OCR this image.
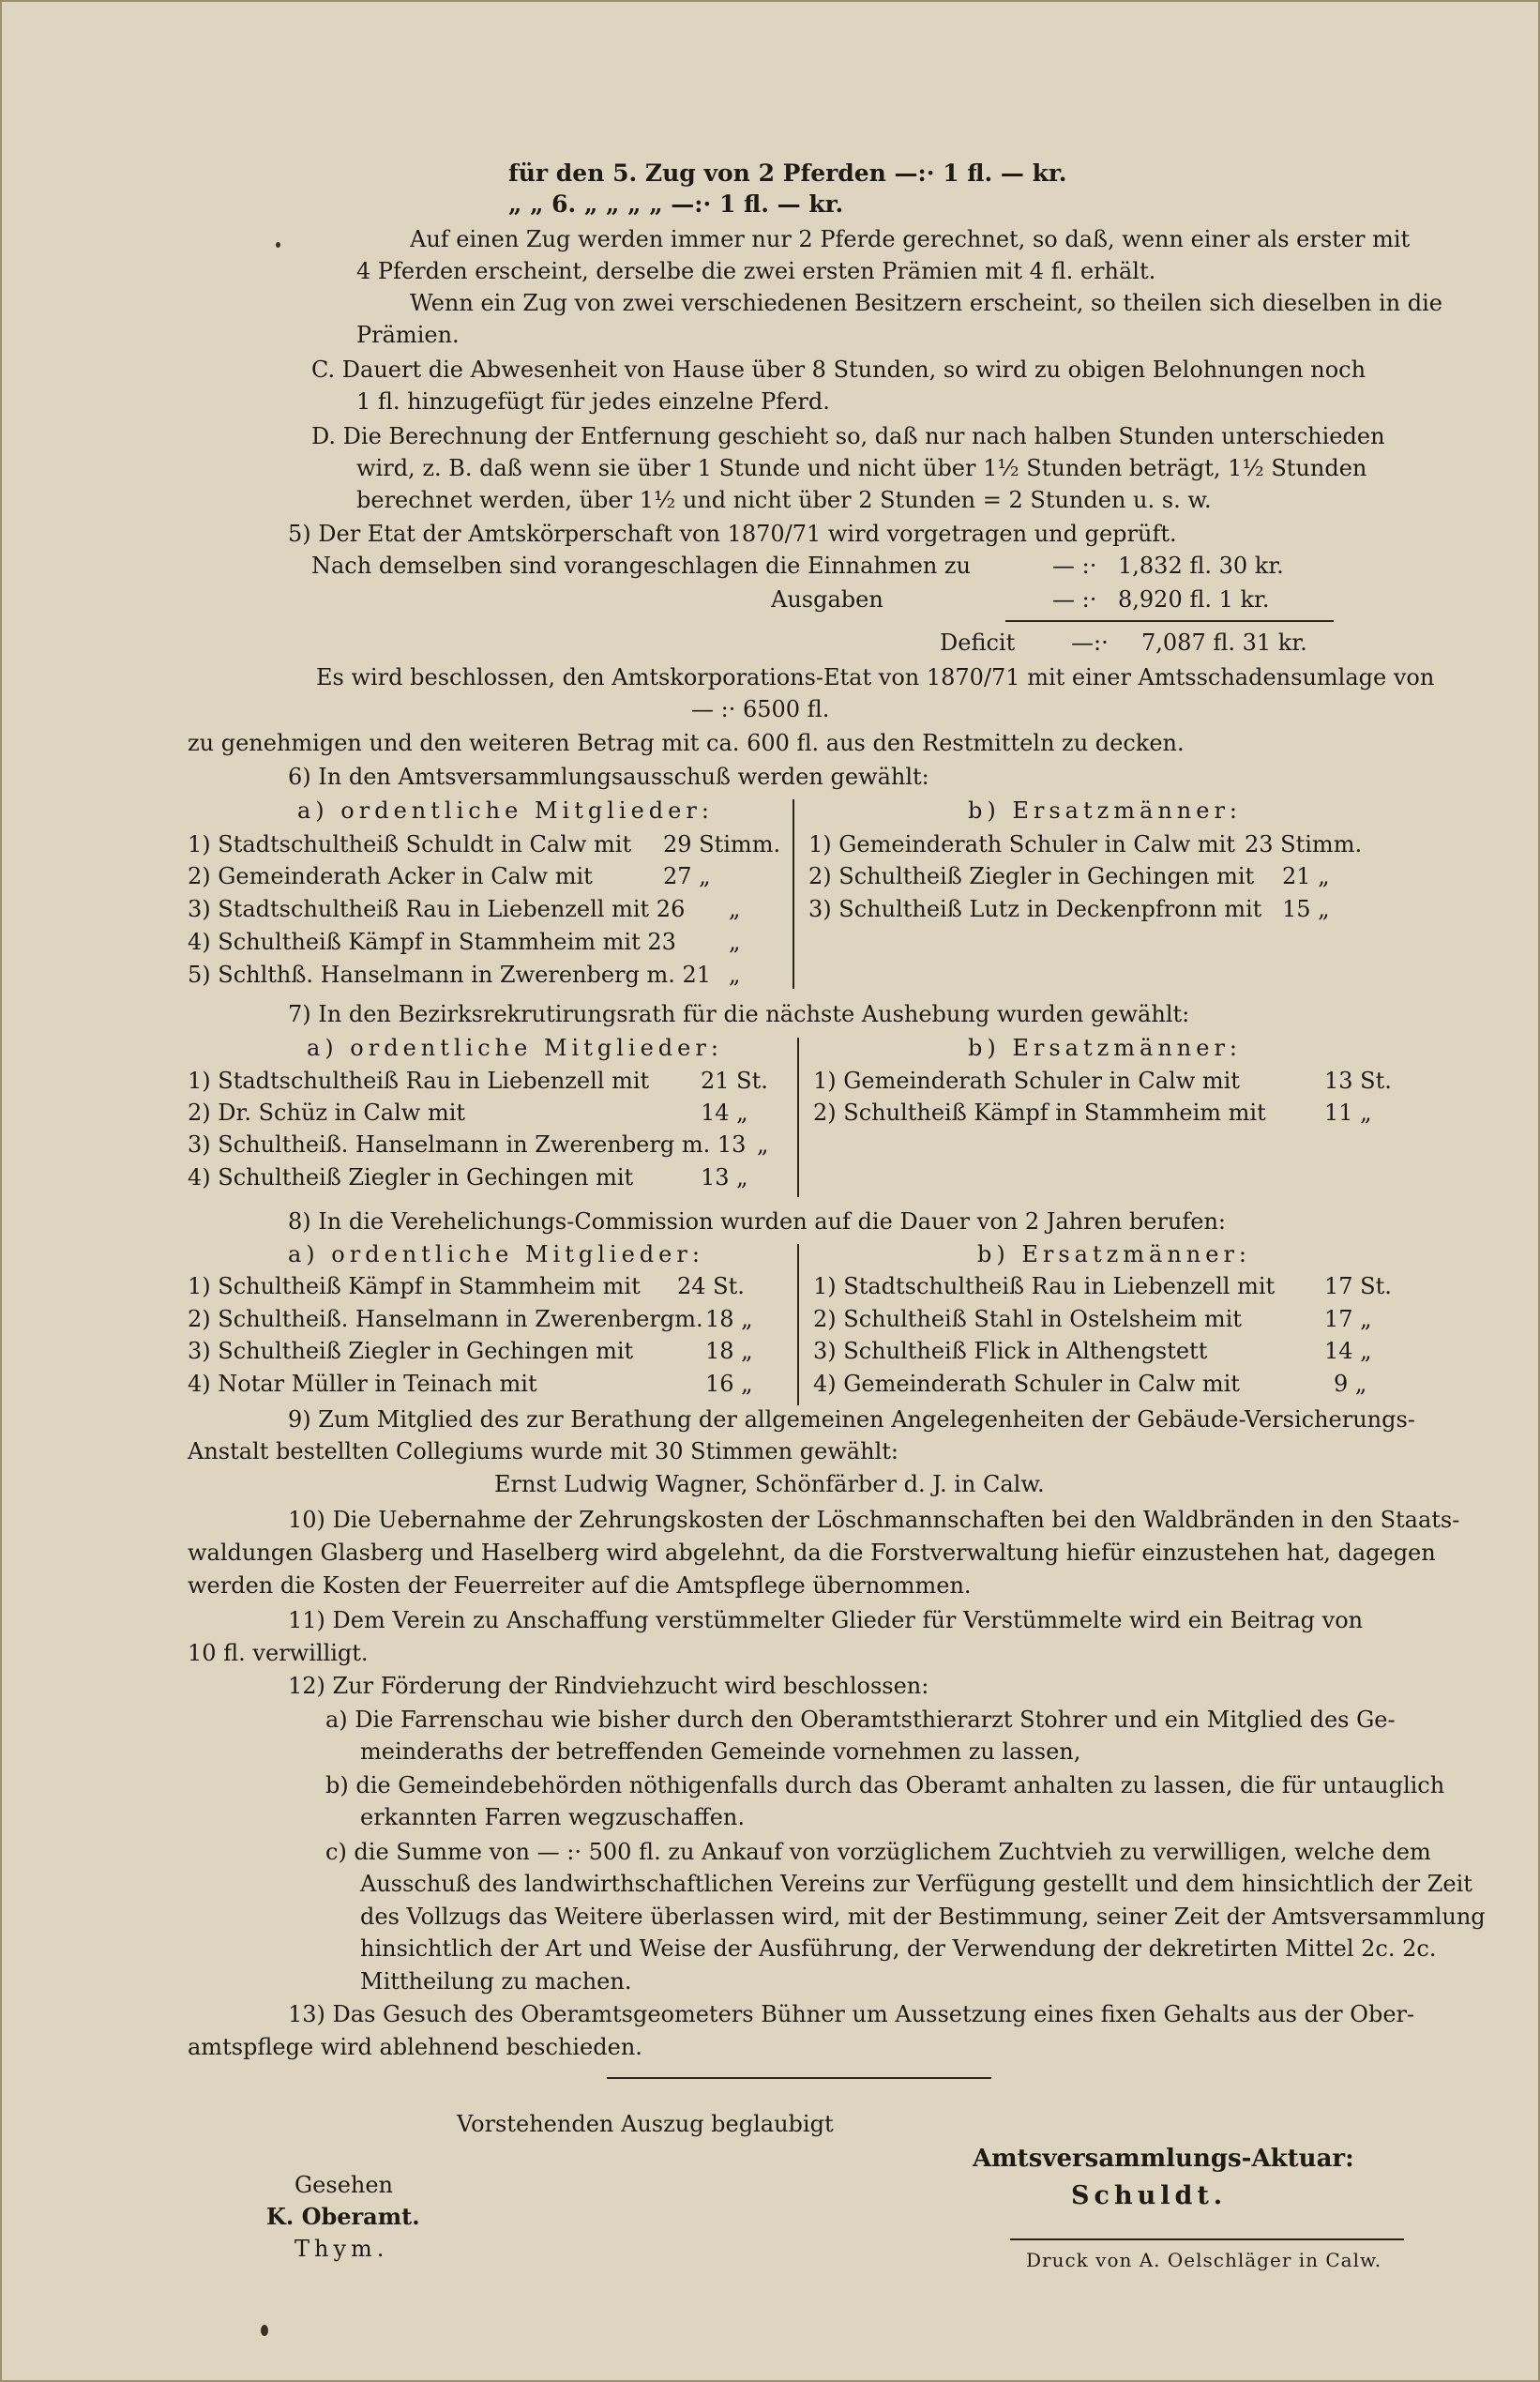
für den 5. Zug von 2 Pferden —:· 1 fl. — kr.
„ „ 6. „ „ „ „ —:· 1 fl. — kr.
Auf einen Zug werden immer nur 2 Pferde gerechnet, so daß, wenn einer als erster mit
4 Pferden erscheint, derselbe die zwei ersten Prämien mit 4 fl. erhält.
Wenn ein Zug von zwei verschiedenen Besitzern erscheint, so theilen sich dieselben in die
Prämien.
C. Dauert die Abwesenheit von Hause über 8 Stunden, so wird zu obigen Belohnungen noch
1 fl. hinzugefügt für jedes einzelne Pferd.
D. Die Berechnung der Entfernung geschieht so, daß nur nach halben Stunden unterschieden
wird, z. B. daß wenn sie über 1 Stunde und nicht über 1½ Stunden beträgt, 1½ Stunden
berechnet werden, über 1½ und nicht über 2 Stunden = 2 Stunden u. s. w.
5) Der Etat der Amtskörperschaft von 1870/71 wird vorgetragen und geprüft.
Nach demselben sind vorangeschlagen die Einnahmen zu	— :· 1,832 fl. 30 kr.
Ausgaben	— :· 8,920 fl. 1 kr.
Deficit —:· 7,087 fl. 31 kr.
Es wird beschlossen, den Amtskorporations-Etat von 1870/71 mit einer Amtsschadensumlage von
— :· 6500 fl.
zu genehmigen und den weiteren Betrag mit ca. 600 fl. aus den Restmitteln zu decken.
6) In den Amtsversammlungsausschuß werden gewählt:
a) ordentliche Mitglieder:	b) Ersatzmänner:
1) Stadtschultheiß Schuldt in Calw mit 29 Stimm.
2) Gemeinderath Acker in Calw mit	27 „
3) Stadtschultheiß Rau in Liebenzell mit 26 „
4) Schultheiß Kämpf in Stammheim mit 23 „
5) Schlthß. Hanselmann in Zwerenberg m. 21 „
1) Gemeinderath Schuler in Calw mit 23 Stimm.
2) Schultheiß Ziegler in Gechingen mit 21 „
3) Schultheiß Lutz in Deckenpfronn mit 15 „
7) In den Bezirksrekrutirungsrath für die nächste Aushebung wurden gewählt:
a) ordentliche Mitglieder:	b) Ersatzmänner:
1) Stadtschultheiß Rau in Liebenzell mit 21 St.
2) Dr. Schüz in Calw mit	14 „
3) Schultheiß. Hanselmann in Zwerenberg m. 13 „
4) Schultheiß Ziegler in Gechingen mit	13 „
1) Gemeinderath Schuler in Calw mit	13 St.
2) Schultheiß Kämpf in Stammheim mit	11 „
8) In die Verehelichungs-Commission wurden auf die Dauer von 2 Jahren berufen:
a) ordentliche Mitglieder:	b) Ersatzmänner:
1) Schultheiß Kämpf in Stammheim mit 24 St.
2) Schultheiß. Hanselmann in Zwerenbergm. 18 „
3) Schultheiß Ziegler in Gechingen mit	18 „
4) Notar Müller in Teinach mit	16 „
1) Stadtschultheiß Rau in Liebenzell mit 17 St.
2) Schultheiß Stahl in Ostelsheim mit	17 „
3) Schultheiß Flick in Althengstett	14 „
4) Gemeinderath Schuler in Calw mit	9 „
9) Zum Mitglied des zur Berathung der allgemeinen Angelegenheiten der Gebäude-Versicherungs-
Anstalt bestellten Collegiums wurde mit 30 Stimmen gewählt:
Ernst Ludwig Wagner, Schönfärber d. J. in Calw.
10) Die Uebernahme der Zehrungskosten der Löschmannschaften bei den Waldbränden in den Staats-
waldungen Glasberg und Haselberg wird abgelehnt, da die Forstverwaltung hiefür einzustehen hat, dagegen
werden die Kosten der Feuerreiter auf die Amtspflege übernommen.
11) Dem Verein zu Anschaffung verstümmelter Glieder für Verstümmelte wird ein Beitrag von
10 fl. verwilligt.
12) Zur Förderung der Rindviehzucht wird beschlossen:
a) Die Farrenschau wie bisher durch den Oberamtsthierarzt Stohrer und ein Mitglied des Ge-
meinderaths der betreffenden Gemeinde vornehmen zu lassen,
b) die Gemeindebehörden nöthigenfalls durch das Oberamt anhalten zu lassen, die für untauglich
erkannten Farren wegzuschaffen.
c) die Summe von — :· 500 fl. zu Ankauf von vorzüglichem Zuchtvieh zu verwilligen, welche dem
Ausschuß des landwirthschaftlichen Vereins zur Verfügung gestellt und dem hinsichtlich der Zeit
des Vollzugs das Weitere überlassen wird, mit der Bestimmung, seiner Zeit der Amtsversammlung
hinsichtlich der Art und Weise der Ausführung, der Verwendung der dekretirten Mittel 2c. 2c.
Mittheilung zu machen.
13) Das Gesuch des Oberamtsgeometers Bühner um Aussetzung eines fixen Gehalts aus der Ober-
amtspflege wird ablehnend beschieden.
Vorstehenden Auszug beglaubigt
Gesehen
K. Oberamt.
Thym.
Amtsversammlungs-Aktuar:
Schuldt.
Druck von A. Oelschläger in Calw.
